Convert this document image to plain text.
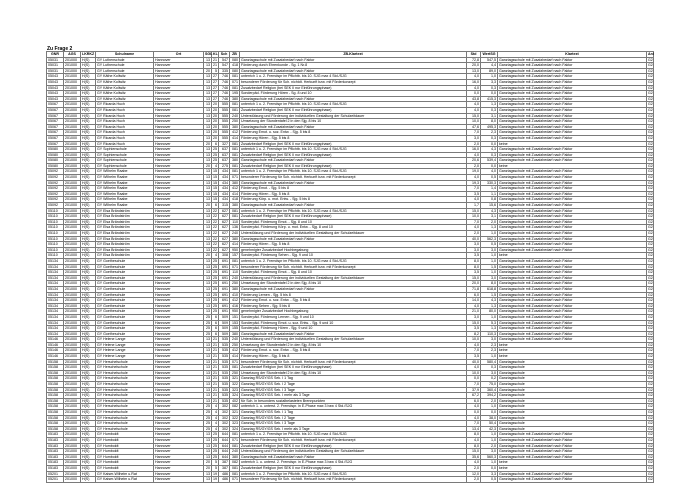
Zu Frage 2
GNR	AGS	LKRKZ	Schulname	Ort	SGL	KL	Sch	ZB	ZB-Klartext	Std	WertSG	Klartext	Anl
05031	201000	H(S)	GY Luthenschule	Hannover	13	21	547	080	Ganztagsschule mit Zusatzbedarf nach Faktor	72,8	547,5	Ganztagsschule mit Zusatzbedarf nach Faktor	G2
05031	201000	H(S)	GY Luthenschule	Hannover	13	21	547	418	Förderung durch Ehrenkunde - Sg. 1 Nr.8	20,0	4,4	Ganztagsschule mit Zusatzbedarf nach Faktor	G2
05031	201000	H(S)	GY Luthenschule	Hannover	20	5	335	080	Ganztagsschule mit Zusatzbedarf nach Faktor	13,0	89,0	Ganztagsschule mit Zusatzbedarf nach Faktor	G2
05043	201000	H(S)	GY Käthe Kollwitz	Hannover	13	27	746	081	unterrich 1 u. 2. Fremdspr im Pflichtb. bis 10. SJG max 4 Std./SJG	4,0	1,0	Ganztagsschule mit Zusatzbedarf nach Faktor	G2
05043	201000	H(S)	GY Käthe Kollwitz	Hannover	13	27	746	071	besonderer Förderung für Sch. nichtdt. Herkunft bzw. mit Förderkonzept	16,0	3,3	Ganztagsschule mit Zusatzbedarf nach Faktor	G2
05043	201000	H(S)	GY Käthe Kollwitz	Hannover	13	27	746	081	Zusatzbedarf Religion (bei SEK II nur Einführungsphase)	4,0	0,3	Ganztagsschule mit Zusatzbedarf nach Faktor	G2
05043	201000	H(S)	GY Käthe Kollwitz	Hannover	13	27	746	195	Sonderpäd. Förderung Hören - Sg. 8 und 10	0,0	0,0	Ganztagsschule mit Zusatzbedarf nach Faktor	G2
05043	201000	H(S)	GY Käthe Kollwitz	Hannover	13	27	746	380	Ganztagsschule mit Zusatzbedarf nach Faktor	43,8	415,3	Ganztagsschule mit Zusatzbedarf nach Faktor	G2
05067	201000	H(S)	GY Ricarda Huch	Hannover	13	20	555	081	unterrich 1 u. 2. Fremdspr im Pflichtb. bis 10. SJG max 4 Std./SJG	4,0	1,3	Ganztagsschule mit Zusatzbedarf nach Faktor	G2
05067	201000	H(S)	GY Ricarda Huch	Hannover	13	20	555	081	Zusatzbedarf Religion (bei SEK II nur Einführungsphase)	4,0	0,3	Ganztagsschule mit Zusatzbedarf nach Faktor	G2
05067	201000	H(S)	GY Ricarda Huch	Hannover	13	20	555	240	Unterstützung und Förderung der individuellen Gestaltung der Schulzeitdauer	15,0	3,1	Ganztagsschule mit Zusatzbedarf nach Faktor	G2
05067	201000	H(S)	GY Ricarda Huch	Hannover	13	20	555	250	Umsetzung der Stundentafel 2 in den Sjg. 8 bis 10	10,0	8,0	Ganztagsschule mit Zusatzbedarf nach Faktor	G2
05067	201000	H(S)	GY Ricarda Huch	Hannover	13	20	555	380	Ganztagsschule mit Zusatzbedarf nach Faktor	47,6	495,3	Ganztagsschule mit Zusatzbedarf nach Faktor	G2
05067	201000	H(S)	GY Ricarda Huch	Hannover	13	20	555	412	Förderung Emot. u. soz. Entw. - Sjg. 5 bis 8	7,0	2,3	Ganztagsschule mit Zusatzbedarf nach Faktor	G2
05067	201000	H(S)	GY Ricarda Huch	Hannover	13	20	555	414	Förderung Hören - Sjg. 5 bis 8	3,0	0,3	Ganztagsschule mit Zusatzbedarf nach Faktor	G2
05067	201000	H(S)	GY Ricarda Huch	Hannover	20	6	327	081	Zusatzbedarf Religion (bei SEK II nur Einführungsphase)	2,0	0,0	keine	G2
05080	201000	H(S)	GY Sophienschule	Hannover	13	25	637	081	unterrich 1 u. 2. Fremdspr im Pflichtb. bis 10. SJG max 4 Std./SJG	16,0	4,3	Ganztagsschule mit Zusatzbedarf nach Faktor	G2
05080	201000	H(S)	GY Sophienschule	Hannover	13	25	637	081	Zusatzbedarf Religion (bei SEK II nur Einführungsphase)	4,0	0,3	Ganztagsschule mit Zusatzbedarf nach Faktor	G2
05080	201000	H(S)	GY Sophienschule	Hannover	13	25	637	380	Ganztagsschule mit Zusatzbedarf nach Faktor	20,6	539,4	Ganztagsschule mit Zusatzbedarf nach Faktor	G2
05080	201000	H(S)	GY Sophienschule	Hannover	20	4	275	081	Zusatzbedarf Religion (bei SEK II nur Einführungsphase)	2,0	0,0	keine	G2
05092	201000	H(S)	GY Wilhelm Raabe	Hannover	13	15	434	081	unterrich 1 u. 2. Fremdspr im Pflichtb. bis 10. SJG max 4 Std./SJG	19,0	4,0	Ganztagsschule mit Zusatzbedarf nach Faktor	G2
05092	201000	H(S)	GY Wilhelm Raabe	Hannover	13	15	434	071	besonderer Förderung für Sch. nichtdt. Herkunft bzw. mit Förderkonzept	4,0	0,5	Ganztagsschule mit Zusatzbedarf nach Faktor	G2
05092	201000	H(S)	GY Wilhelm Raabe	Hannover	13	15	434	380	Ganztagsschule mit Zusatzbedarf nach Faktor	19,3	330,3	Ganztagsschule mit Zusatzbedarf nach Faktor	G2
05092	201000	H(S)	GY Wilhelm Raabe	Hannover	13	15	434	412	Förderung Emot. - Sjg. 5 bis 8	7,0	1,4	Ganztagsschule mit Zusatzbedarf nach Faktor	G2
05092	201000	H(S)	GY Wilhelm Raabe	Hannover	13	15	434	414	Förderung Hören - Sjg. 5 bis 8	3,5	1,1	Ganztagsschule mit Zusatzbedarf nach Faktor	G2
05092	201000	H(S)	GY Wilhelm Raabe	Hannover	13	15	434	418	Förderung Körp. u. mot. Entw. - Sjg. 5 bis 8	4,0	0,8	Ganztagsschule mit Zusatzbedarf nach Faktor	G2
05092	201000	H(S)	GY Wilhelm Raabe	Hannover	20	6	315	380	Ganztagsschule mit Zusatzbedarf nach Faktor	1,7	15,6	Ganztagsschule mit Zusatzbedarf nach Faktor	G2
05110	201000	H(S)	GY Elsa Brändström	Hannover	13	22	627	081	unterrich 1 u. 2. Fremdspr im Pflichtb. bis 10. SJG max 4 Std./SJG	15,0	4,3	Ganztagsschule mit Zusatzbedarf nach Faktor	G2
05110	201000	H(S)	GY Elsa Brändström	Hannover	13	22	627	081	Zusatzbedarf Religion (bei SEK II nur Einführungsphase)	10,0	3,1	Ganztagsschule mit Zusatzbedarf nach Faktor	G2
05110	201000	H(S)	GY Elsa Brändström	Hannover	13	22	627	110	Sonderpäd. Förderung Emot. - Sjg. 8 und 10	7,0	2,0	Ganztagsschule mit Zusatzbedarf nach Faktor	G2
05110	201000	H(S)	GY Elsa Brändström	Hannover	13	22	627	136	Sonderpäd. Förderung Körp. u. mot. Entw. - Sjg. 8 und 10	4,0	1,3	Ganztagsschule mit Zusatzbedarf nach Faktor	G2
05110	201000	H(S)	GY Elsa Brändström	Hannover	13	22	627	240	Unterstützung und Förderung der individuellen Gestaltung der Schulzeitdauer	2,0	1,0	Ganztagsschule mit Zusatzbedarf nach Faktor	G2
05110	201000	H(S)	GY Elsa Brändström	Hannover	13	22	627	380	Ganztagsschule mit Zusatzbedarf nach Faktor	40,0	562,3	Ganztagsschule mit Zusatzbedarf nach Faktor	G2
05110	201000	H(S)	GY Elsa Brändström	Hannover	13	22	627	414	Förderung Hören - Sjg. 5 bis 8	3,0	0,5	Ganztagsschule mit Zusatzbedarf nach Faktor	G2
05110	201000	H(S)	GY Elsa Brändström	Hannover	13	22	627	950	genehmigter Zusatzbedarf Hochbegabung	3,0	3,0	Ganztagsschule mit Zusatzbedarf nach Faktor	G2
05110	201000	H(S)	GY Elsa Brändström	Hannover	20	4	308	157	Sonderpäd. Förderung Sehen - Sjg. 9 und 10	3,5	1,0	keine	G2
05134	201000	H(S)	GY Goetheschule	Hannover	13	25	691	081	unterrich 1 u. 2. Fremdspr im Pflichtb. bis 10. SJG max 4 Std./SJG	8,0	1,0	Ganztagsschule mit Zusatzbedarf nach Faktor	G2
05134	201000	H(S)	GY Goetheschule	Hannover	13	25	691	071	besonderer Förderung für Sch. nichtdt. Herkunft bzw. mit Förderkonzept	8,0	1,5	Ganztagsschule mit Zusatzbedarf nach Faktor	G2
05134	201000	H(S)	GY Goetheschule	Hannover	13	25	691	110	Sonderpäd. Förderung Emot. - Sjg. 8 und 10	3,5	1,0	Ganztagsschule mit Zusatzbedarf nach Faktor	G2
05134	201000	H(S)	GY Goetheschule	Hannover	13	25	691	240	Unterstützung und Förderung der individuellen Gestaltung der Schulzeitdauer	15,0	3,0	Ganztagsschule mit Zusatzbedarf nach Faktor	G2
05134	201000	H(S)	GY Goetheschule	Hannover	13	25	691	250	Umsetzung der Stundentafel 2 in den Sjg. 8 bis 10	20,0	8,0	Ganztagsschule mit Zusatzbedarf nach Faktor	G2
05134	201000	H(S)	GY Goetheschule	Hannover	13	25	691	380	Ganztagsschule mit Zusatzbedarf nach Faktor	71,8	618,8	Ganztagsschule mit Zusatzbedarf nach Faktor	G2
05134	201000	H(S)	GY Goetheschule	Hannover	13	25	691	410	Förderung Lernen - Sjg. 5 bis 8	6,0	1,5	Ganztagsschule mit Zusatzbedarf nach Faktor	G2
05134	201000	H(S)	GY Goetheschule	Hannover	13	25	691	412	Förderung Emot. u. soz. Entw. - Sjg. 5 bis 8	14,0	4,3	Ganztagsschule mit Zusatzbedarf nach Faktor	G2
05134	201000	H(S)	GY Goetheschule	Hannover	13	25	691	416	Förderung Sehen - Sjg. 5 bis 8	4,0	1,3	Ganztagsschule mit Zusatzbedarf nach Faktor	G2
05134	201000	H(S)	GY Goetheschule	Hannover	13	25	691	950	genehmigter Zusatzbedarf Hochbegabung	21,0	80,0	Ganztagsschule mit Zusatzbedarf nach Faktor	G2
05134	201000	H(S)	GY Goetheschule	Hannover	25	6	509	151	Sonderpäd. Förderung Lernen - Sjg. 9 und 10	3,0	1,0	Ganztagsschule mit Zusatzbedarf nach Faktor	G2
05134	201000	H(S)	GY Goetheschule	Hannover	25	6	509	153	Sonderpäd. Förderung Emot. u. soz. Entw. - Sjg. 9 und 10	15,0	5,3	Ganztagsschule mit Zusatzbedarf nach Faktor	G2
05134	201000	H(S)	GY Goetheschule	Hannover	25	6	509	155	Sonderpäd. Förderung Hören - Sjg. 9 und 10	3,5	1,3	Ganztagsschule mit Zusatzbedarf nach Faktor	G2
05134	201000	H(S)	GY Goetheschule	Hannover	25	6	509	380	Ganztagsschule mit Zusatzbedarf nach Faktor	8,2	110,3	Ganztagsschule mit Zusatzbedarf nach Faktor	G2
05146	201000	H(S)	GY Helene Lange	Hannover	13	21	535	240	Unterstützung und Förderung der individuellen Gestaltung der Schulzeitdauer	10,0	3,0	Ganztagsschule mit Zusatzbedarf nach Faktor	G2
05146	201000	H(S)	GY Helene Lange	Hannover	13	21	535	250	Umsetzung der Stundentafel 2 in den Sjg. 8 bis 10	4,0	2,3	keine	G2
05146	201000	H(S)	GY Helene Lange	Hannover	13	21	535	412	Förderung Emot. u. soz. Entw. - Sjg. 5 bis 8	7,0	2,3	keine	G2
05146	201000	H(S)	GY Helene Lange	Hannover	13	21	535	414	Förderung Hören - Sjg. 5 bis 8	3,5	1,0	keine	G2
05158	201000	H(S)	GY Herschelschule	Hannover	13	21	535	071	besonderer Förderung für Sch. nichtdt. Herkunft bzw. mit Förderkonzept	40,0	580,4	Ganztagsschule	G2
05158	201000	H(S)	GY Herschelschule	Hannover	13	21	535	081	Zusatzbedarf Religion (bei SEK II nur Einführungsphase)	4,0	0,3	Ganztagsschule	G2
05158	201000	H(S)	GY Herschelschule	Hannover	13	21	535	250	Umsetzung der Stundentafel 2 in den Sjg. 8 bis 10	10,0	3,0	Ganztagsschule	G2
05158	201000	H(S)	GY Herschelschule	Hannover	13	21	535	321	Ganztag RS/GY/GS Sek. I 1 Tag	0,0	0,2	Ganztagsschule	G2
05158	201000	H(S)	GY Herschelschule	Hannover	13	21	535	322	Ganztag RS/GY/GS Sek. I 2 Tage	7,0	75,0	Ganztagsschule	G2
05158	201000	H(S)	GY Herschelschule	Hannover	13	21	535	323	Ganztag RS/GY/GS Sek. I 3 Tage	37,9	360,4	Ganztagsschule	G2
05158	201000	H(S)	GY Herschelschule	Hannover	13	21	535	324	Ganztag RS/GY/GS Sek. I mehr als 3 Tage	67,2	394,2	Ganztagsschule	G2
05158	201000	H(S)	GY Herschelschule	Hannover	13	21	535	402	für Sch. in besonders sozialbelasteten Brennpunkten	6,0	2,0	Ganztagsschule	G2
05158	201000	H(S)	GY Herschelschule	Hannover	25	4	302	082	unterrich 1. u. unterst. 2. Fremdspr. in E-Phase max 3 bzw 4 Std./SJG	4,0	1,0	Ganztagsschule	G2
05158	201000	H(S)	GY Herschelschule	Hannover	25	4	302	321	Ganztag RS/GY/GS Sek. I 1 Tag	0,0	0,0	Ganztagsschule	G2
05158	201000	H(S)	GY Herschelschule	Hannover	25	4	302	322	Ganztag RS/GY/GS Sek. I 2 Tage	4,0	38,0	Ganztagsschule	G2
05158	201000	H(S)	GY Herschelschule	Hannover	25	4	302	323	Ganztag RS/GY/GS Sek. I 3 Tage	7,0	50,4	Ganztagsschule	G2
05158	201000	H(S)	GY Herschelschule	Hannover	25	4	302	324	Ganztag RS/GY/GS Sek. I mehr als 3 Tage	13,4	42,3	Ganztagsschule	G2
05183	201000	H(S)	GY Humboldt	Hannover	13	25	644	081	unterrich 1 u. 2. Fremdspr im Pflichtb. bis 10. SJG max 4 Std./SJG	8,0	1,0	Ganztagsschule mit Zusatzbedarf nach Faktor	G2
05183	201000	H(S)	GY Humboldt	Hannover	13	25	644	071	besonderer Förderung für Sch. nichtdt. Herkunft bzw. mit Förderkonzept	4,0	1,0	Ganztagsschule mit Zusatzbedarf nach Faktor	G2
05183	201000	H(S)	GY Humboldt	Hannover	13	25	644	081	Zusatzbedarf Religion (bei SEK II nur Einführungsphase)	8,0	2,0	Ganztagsschule mit Zusatzbedarf nach Faktor	G2
05183	201000	H(S)	GY Humboldt	Hannover	13	25	644	240	Unterstützung und Förderung der individuellen Gestaltung der Schulzeitdauer	15,0	3,0	Ganztagsschule mit Zusatzbedarf nach Faktor	G2
05183	201000	H(S)	GY Humboldt	Hannover	13	25	644	380	Ganztagsschule mit Zusatzbedarf nach Faktor	35,6	560,3	Ganztagsschule mit Zusatzbedarf nach Faktor	G2
05183	201000	H(S)	GY Humboldt	Hannover	20	5	387	082	unterrich 1. u. unterst. 2. Fremdspr. in E-Phase max 3 bzw 4 Std./SJG	4,0	1,0	keine	G2
05183	201000	H(S)	GY Humboldt	Hannover	20	5	387	081	Zusatzbedarf Religion (bei SEK II nur Einführungsphase)	2,0	0,0	keine	G2
05201	201000	H(S)	GY Kaiser-Wilhelm u.Rat	Hannover	13	19	486	081	unterrich 1 u. 2. Fremdspr im Pflichtb. bis 10. SJG max 4 Std./SJG	12,0	3,3	Ganztagsschule mit Zusatzbedarf nach Faktor	G2
05201	201000	H(S)	GY Kaiser-Wilhelm u.Rat	Hannover	13	19	486	071	besonderer Förderung für Sch. nichtdt. Herkunft bzw. mit Förderkonzept	2,0	0,5	Ganztagsschule mit Zusatzbedarf nach Faktor	G2
